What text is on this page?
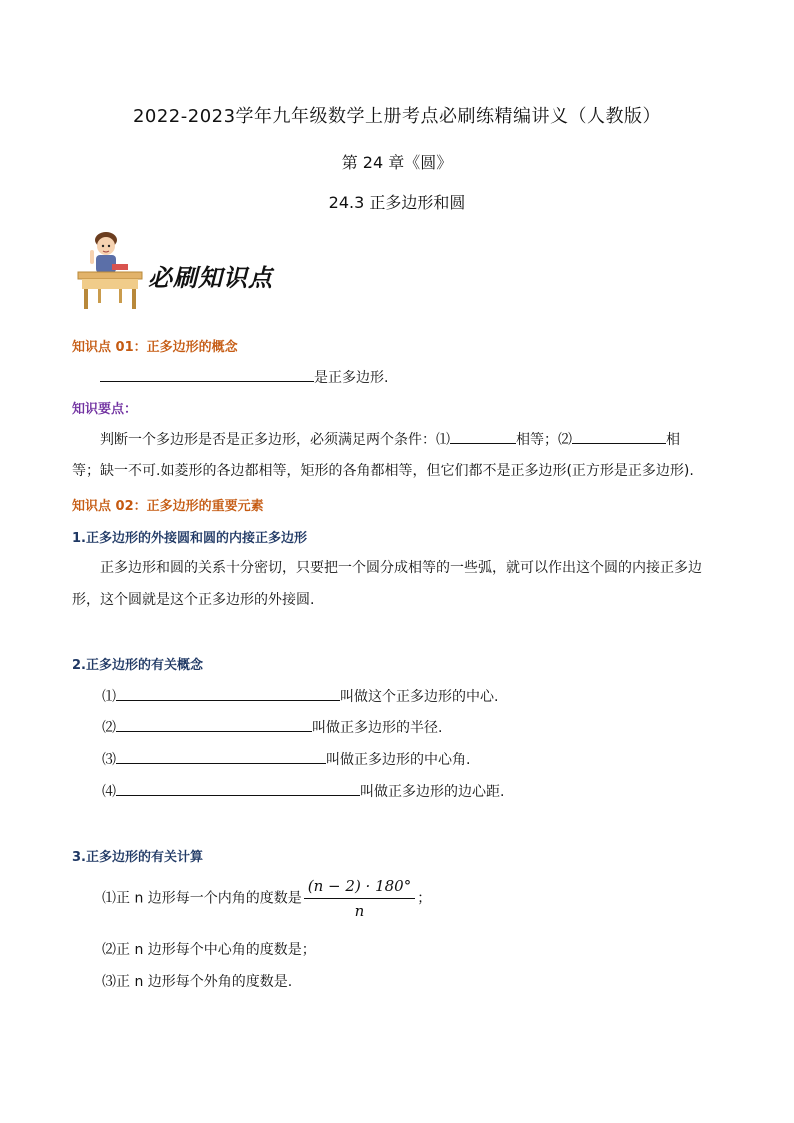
2022-2023学年九年级数学上册考点必刷练精编讲义（人教版）
第 24 章《圆》
24.3 正多边形和圆
必刷知识点
知识点 01：正多边形的概念
是正多边形.
知识要点：
判断一个多边形是否是正多边形，必须满足两个条件：⑴	相等；⑵	相
等；缺一不可.如菱形的各边都相等，矩形的各角都相等，但它们都不是正多边形(正方形是正多边形).
知识点 02：正多边形的重要元素
1.正多边形的外接圆和圆的内接正多边形
正多边形和圆的关系十分密切，只要把一个圆分成相等的一些弧，就可以作出这个圆的内接正多边
形，这个圆就是这个正多边形的外接圆.
2.正多边形的有关概念
⑴	叫做这个正多边形的中心.
⑵	叫做正多边形的半径.
⑶	叫做正多边形的中心角.
⑷	叫做正多边形的边心距.
3.正多边形的有关计算
⑴正 n 边形每一个内角的度数是 $\frac{(n - 2) \cdot 180^\circ}{n}$ ；
⑵正 n 边形每个中心角的度数是；
⑶正 n 边形每个外角的度数是.
